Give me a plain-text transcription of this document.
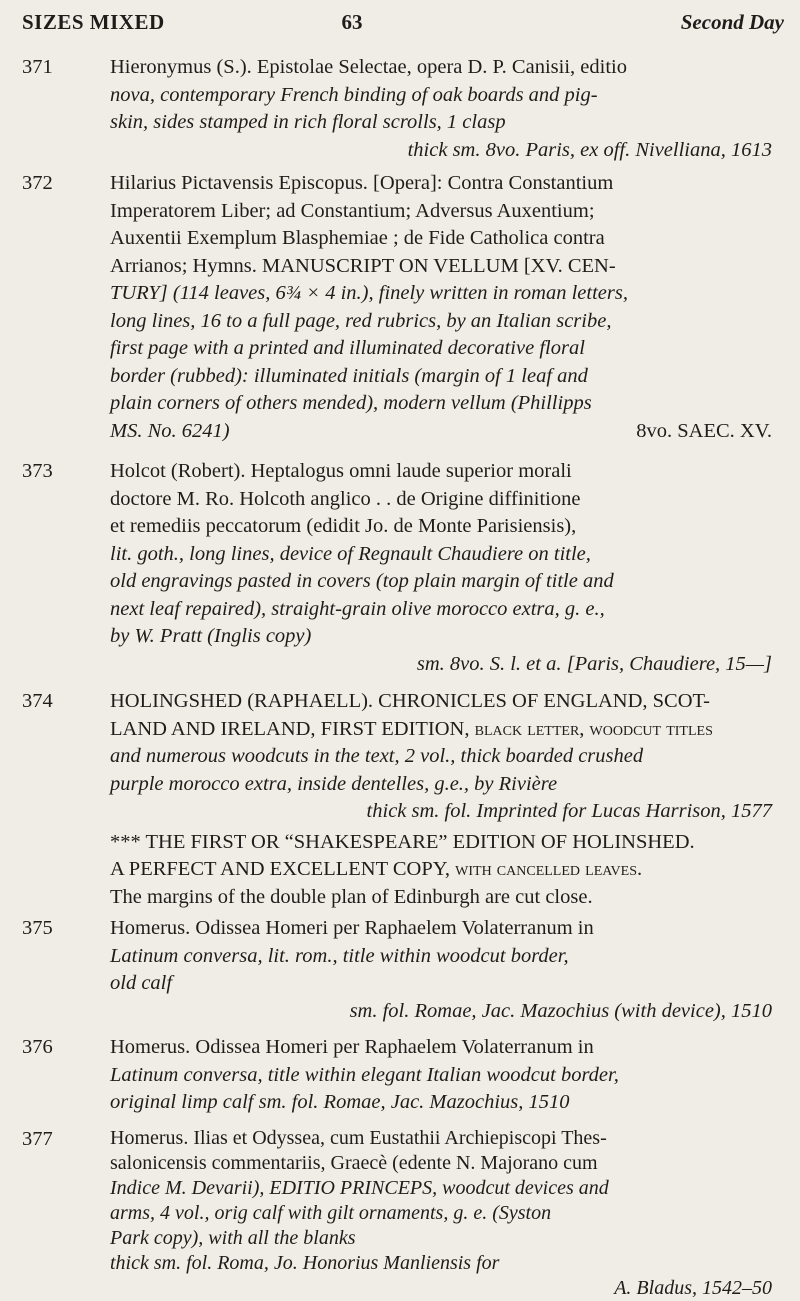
SIZES MIXED	63	Second Day
371	Hieronymus (S.). Epistolae Selectae, opera D. P. Canisii, editio
nova, contemporary French binding of oak boards and pig-
skin, sides stamped in rich floral scrolls, 1 clasp

thick sm. 8vo. Paris, ex off. Nivelliana, 1613

372	Hilarius Pictavensis Episcopus. [Opera]: Contra Constantium
Imperatorem Liber; ad Constantium; Adversus Auxentium;
Auxentii Exemplum Blasphemiae ; de Fide Catholica contra
Arrianos; Hymns. MANUSCRIPT ON VELLUM [XV. CEN-
TURY] (114 leaves, 6¾ × 4 in.), finely written in roman letters,
long lines, 16 to a full page, red rubrics, by an Italian scribe,
first page with a printed and illuminated decorative floral
border (rubbed): illuminated initials (margin of 1 leaf and
plain corners of others mended), modern vellum (Phillipps
MS. No. 6241)	8vo. SAEC. XV.

373	Holcot (Robert). Heptalogus omni laude superior morali
doctore M. Ro. Holcoth anglico . . de Origine diffinitione
et remediis peccatorum (edidit Jo. de Monte Parisiensis),
lit. goth., long lines, device of Regnault Chaudiere on title,
old engravings pasted in covers (top plain margin of title and
next leaf repaired), straight-grain olive morocco extra, g. e.,
by W. Pratt (Inglis copy)

sm. 8vo. S. l. et a. [Paris, Chaudiere, 15—]

374	HOLINGSHED (RAPHAELL). CHRONICLES OF ENGLAND, SCOT-
LAND AND IRELAND, FIRST EDITION, black letter, woodcut titles
and numerous woodcuts in the text, 2 vol., thick boarded crushed
purple morocco extra, inside dentelles, g.e., by Rivière

thick sm. fol. Imprinted for Lucas Harrison, 1577

*** THE FIRST OR “SHAKESPEARE” EDITION OF HOLINSHED.
A PERFECT AND EXCELLENT COPY, with cancelled leaves.
The margins of the double plan of Edinburgh are cut close.

375	Homerus. Odissea Homeri per Raphaelem Volaterranum in
Latinum conversa, lit. rom., title within woodcut border,
old calf

sm. fol. Romae, Jac. Mazochius (with device), 1510

376	Homerus. Odissea Homeri per Raphaelem Volaterranum in
Latinum conversa, title within elegant Italian woodcut border,
original limp calf sm. fol. Romae, Jac. Mazochius, 1510

377	Homerus. Ilias et Odyssea, cum Eustathii Archiepiscopi Thes-
salonicensis commentariis, Graecè (edente N. Majorano cum
Indice M. Devarii), EDITIO PRINCEPS, woodcut devices and
arms, 4 vol., orig calf with gilt ornaments, g. e. (Syston
Park copy), with all the blanks
thick sm. fol. Roma, Jo. Honorius Manliensis for

A. Bladus, 1542–50
